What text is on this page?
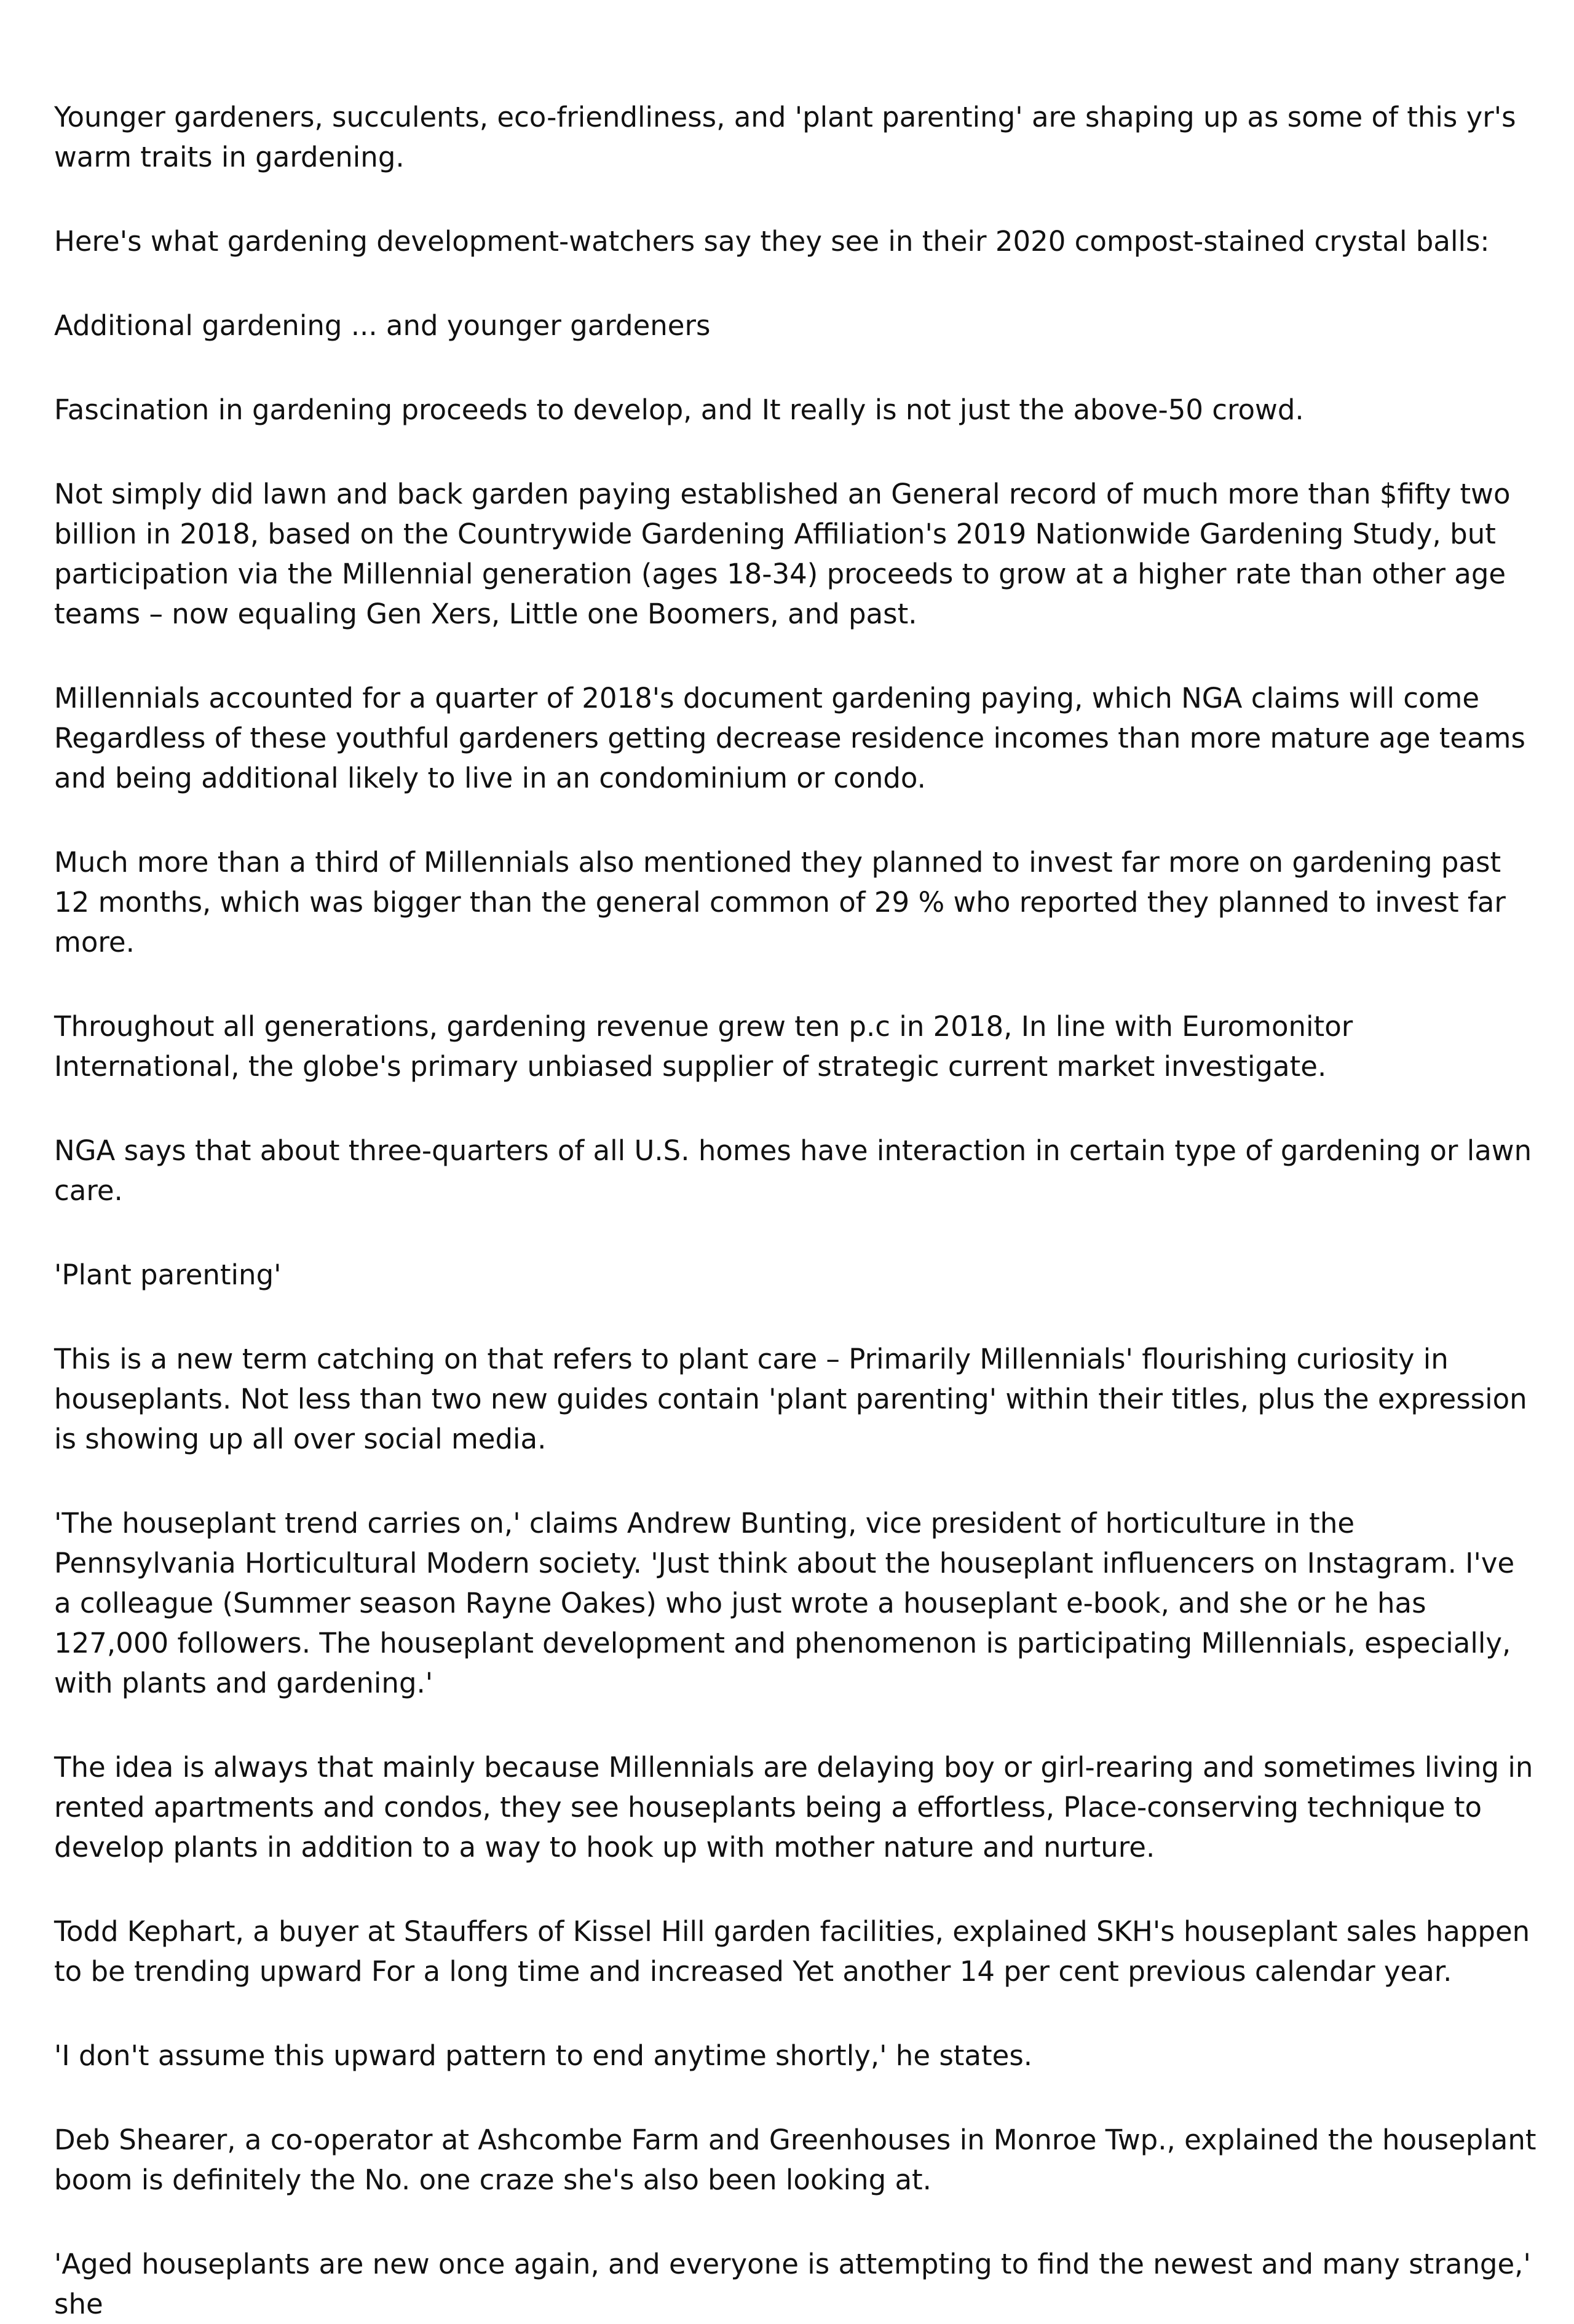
Younger gardeners, succulents, eco-friendliness, and 'plant parenting' are shaping up as some of this yr's warm traits in gardening.

Here's what gardening development-watchers say they see in their 2020 compost-stained crystal balls:

Additional gardening ... and younger gardeners

Fascination in gardening proceeds to develop, and It really is not just the above-50 crowd.

Not simply did lawn and back garden paying established an General record of much more than $fifty two billion in 2018, based on the Countrywide Gardening Affiliation's 2019 Nationwide Gardening Study, but participation via the Millennial generation (ages 18-34) proceeds to grow at a higher rate than other age teams – now equaling Gen Xers, Little one Boomers, and past.

Millennials accounted for a quarter of 2018's document gardening paying, which NGA claims will come Regardless of these youthful gardeners getting decrease residence incomes than more mature age teams and being additional likely to live in an condominium or condo.

Much more than a third of Millennials also mentioned they planned to invest far more on gardening past 12 months, which was bigger than the general common of 29 % who reported they planned to invest far more.

Throughout all generations, gardening revenue grew ten p.c in 2018, In line with Euromonitor International, the globe's primary unbiased supplier of strategic current market investigate.

NGA says that about three-quarters of all U.S. homes have interaction in certain type of gardening or lawn care.

'Plant parenting'

This is a new term catching on that refers to plant care – Primarily Millennials' flourishing curiosity in houseplants. Not less than two new guides contain 'plant parenting' within their titles, plus the expression is showing up all over social media.

'The houseplant trend carries on,' claims Andrew Bunting, vice president of horticulture in the Pennsylvania Horticultural Modern society. 'Just think about the houseplant influencers on Instagram. I've a colleague (Summer season Rayne Oakes) who just wrote a houseplant e-book, and she or he has 127,000 followers. The houseplant development and phenomenon is participating Millennials, especially, with plants and gardening.'

The idea is always that mainly because Millennials are delaying boy or girl-rearing and sometimes living in rented apartments and condos, they see houseplants being a effortless, Place-conserving technique to develop plants in addition to a way to hook up with mother nature and nurture.

Todd Kephart, a buyer at Stauffers of Kissel Hill garden facilities, explained SKH's houseplant sales happen to be trending upward For a long time and increased Yet another 14 per cent previous calendar year.

'I don't assume this upward pattern to end anytime shortly,' he states.

Deb Shearer, a co-operator at Ashcombe Farm and Greenhouses in Monroe Twp., explained the houseplant boom is definitely the No. one craze she's also been looking at.

'Aged houseplants are new once again, and everyone is attempting to find the newest and many strange,' she
